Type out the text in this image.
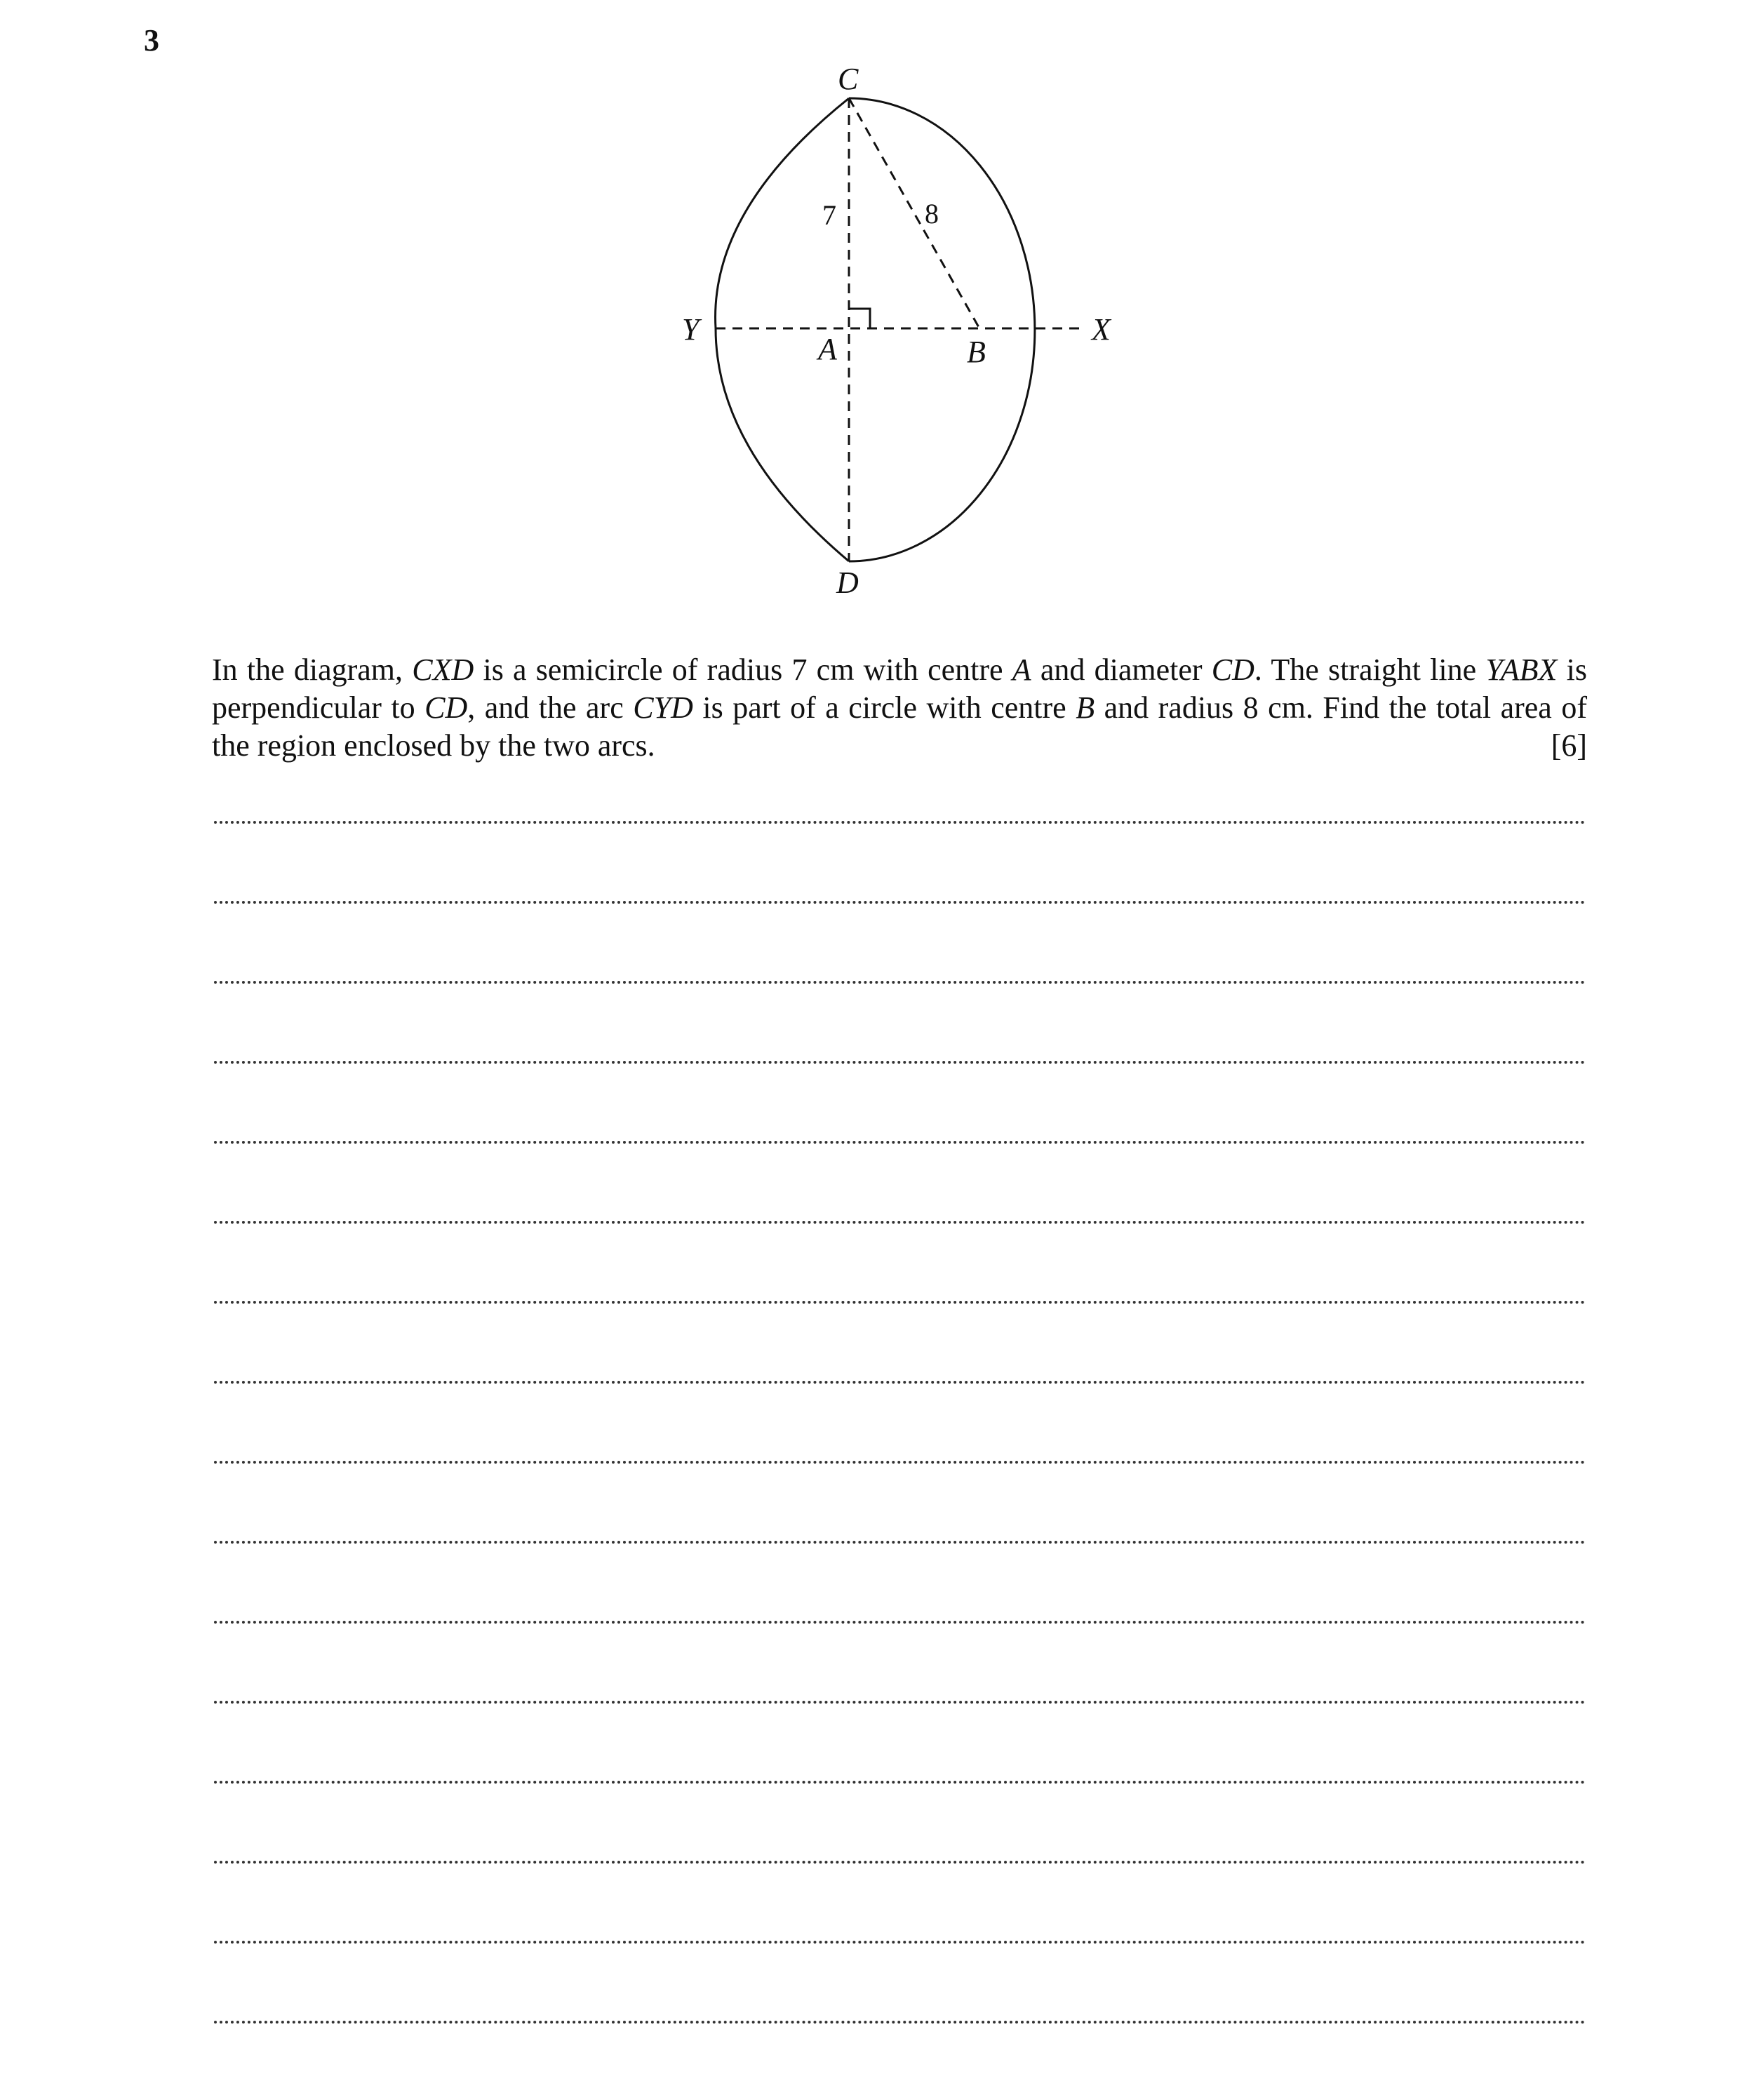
3
C
D
Y	X
A	B
7	8

In the diagram, CXD is a semicircle of radius 7 cm with centre A and diameter CD. The straight line YABX is perpendicular to CD, and the arc CYD is part of a circle with centre B and radius 8 cm. Find the total area of the region enclosed by the two arcs.	[6]
